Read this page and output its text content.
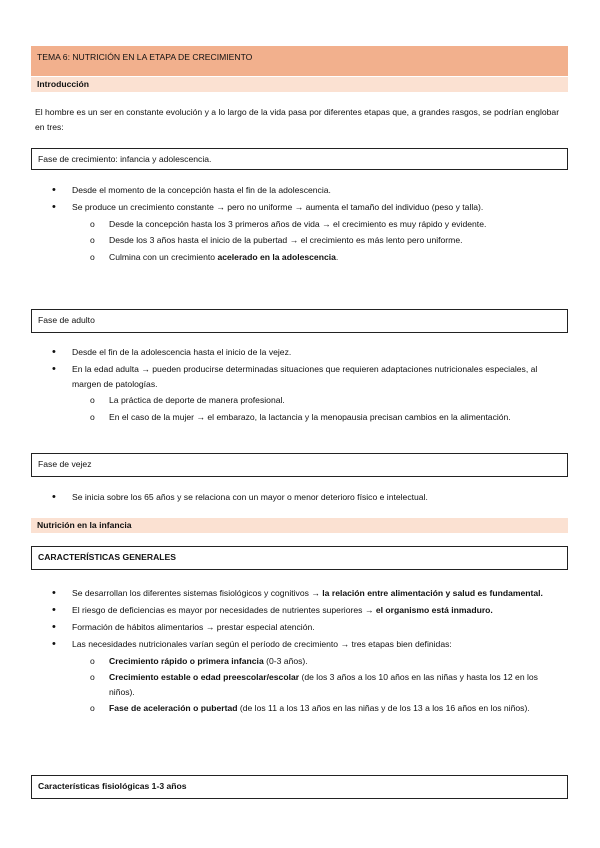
TEMA 6: NUTRICIÓN EN LA ETAPA DE CRECIMIENTO
Introducción
El hombre es un ser en constante evolución y a lo largo de la vida pasa por diferentes etapas que, a grandes rasgos, se podrían englobar en tres:
Fase de crecimiento: infancia y adolescencia.
• Desde el momento de la concepción hasta el fin de la adolescencia.
• Se produce un crecimiento constante → pero no uniforme → aumenta el tamaño del individuo (peso y talla).
o Desde la concepción hasta los 3 primeros años de vida → el crecimiento es muy rápido y evidente.
o Desde los 3 años hasta el inicio de la pubertad → el crecimiento es más lento pero uniforme.
o Culmina con un crecimiento acelerado en la adolescencia.
Fase de adulto
• Desde el fin de la adolescencia hasta el inicio de la vejez.
• En la edad adulta → pueden producirse determinadas situaciones que requieren adaptaciones nutricionales especiales, al margen de patologías.
o La práctica de deporte de manera profesional.
o En el caso de la mujer → el embarazo, la lactancia y la menopausia precisan cambios en la alimentación.
Fase de vejez
• Se inicia sobre los 65 años y se relaciona con un mayor o menor deterioro físico e intelectual.
Nutrición en la infancia
CARACTERÍSTICAS GENERALES
• Se desarrollan los diferentes sistemas fisiológicos y cognitivos → la relación entre alimentación y salud es fundamental.
• El riesgo de deficiencias es mayor por necesidades de nutrientes superiores → el organismo está inmaduro.
• Formación de hábitos alimentarios → prestar especial atención.
• Las necesidades nutricionales varían según el período de crecimiento → tres etapas bien definidas:
o Crecimiento rápido o primera infancia (0-3 años).
o Crecimiento estable o edad preescolar/escolar (de los 3 años a los 10 años en las niñas y hasta los 12 en los niños).
o Fase de aceleración o pubertad (de los 11 a los 13 años en las niñas y de los 13 a los 16 años en los niños).
Características fisiológicas 1-3 años
